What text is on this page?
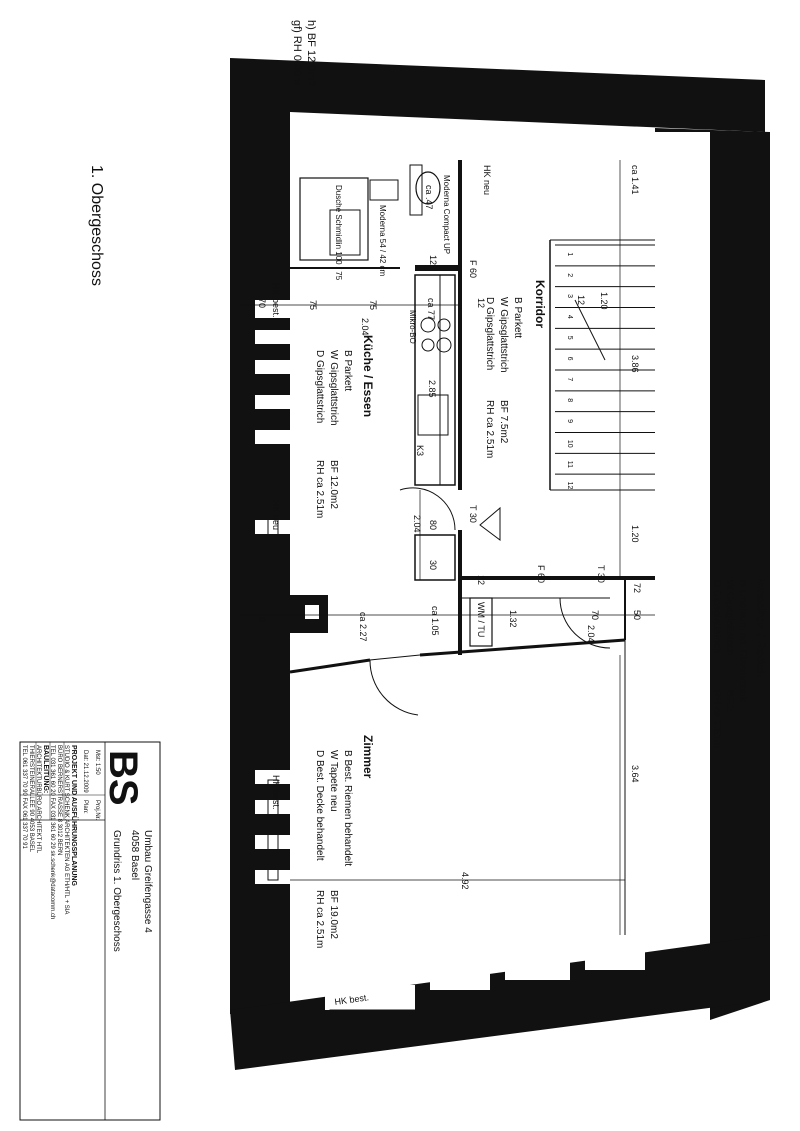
h) BF 12.0m2
gf) RH 0.00m
1. Obergeschoss
Küche / Essen
B Parkett
W Gipsglattstrich
D Gipsglattstrich
BF 12.0m2
RH ca 2.51m
Korridor
B Parkett
W Gipsglattstrich
D Gipsglattstrich
BF 7.5m2
RH ca 2.51m
Waschen / Reduit
B Linoleum od. Glasmosaik
W Gipsglattstrich
D Gipsglattstrich
BF 2
RH ca 2.51m
Zimmer
B Best. Riemen behandelt
W Tapete neu
D Best. Decke behandelt
BF 19.0m2
RH ca 2.51m
Dusche Schmidlin 100 / 75	Moderna Compact UP
Moderna 54 / 42 cm
ca .47
Mikro-BO
K3
WM / TU
HK neu
HK best.
HK neu
HK best.
HK best.
75	75
70
2.04
ca 77
12
12
2.85
ca 1.41
1.20
3.86
1.20
12
F 60
T 30
F 60	T 30
2.04 80
30
70	ca 2.27	ca 1.05	1.32	70	50
2.04
72
3.64
4.92
12
1
2
3
4
5
6
7
8
9
10
11
12
BS
Umbau Greifengasse 4
4058 Basel
Grundriss 1. Obergeschoss
Mst: 1:50
Proj.Nr.
Dat: 21.12.2009
Plan:
BAULEITUNG:
ARCHITEKTURBÜRO ARCHITEKT HTL
THIERSTEINERALLEE 90 4053 BASEL
TEL 061 337 70 90 FAX 061 337 70 91	PROJEKT UND AUSFÜHRUNGSPLANUNG
STUDIO & KURT SCHENK ARCHITEKTEN AG ETH/HTL + SIA
BÜRO BERNERSTRASSE 8 3012 BERN
TEL 031 361 60 20 FAX 031 361 60 29 sk.schenk@datacomm.ch
